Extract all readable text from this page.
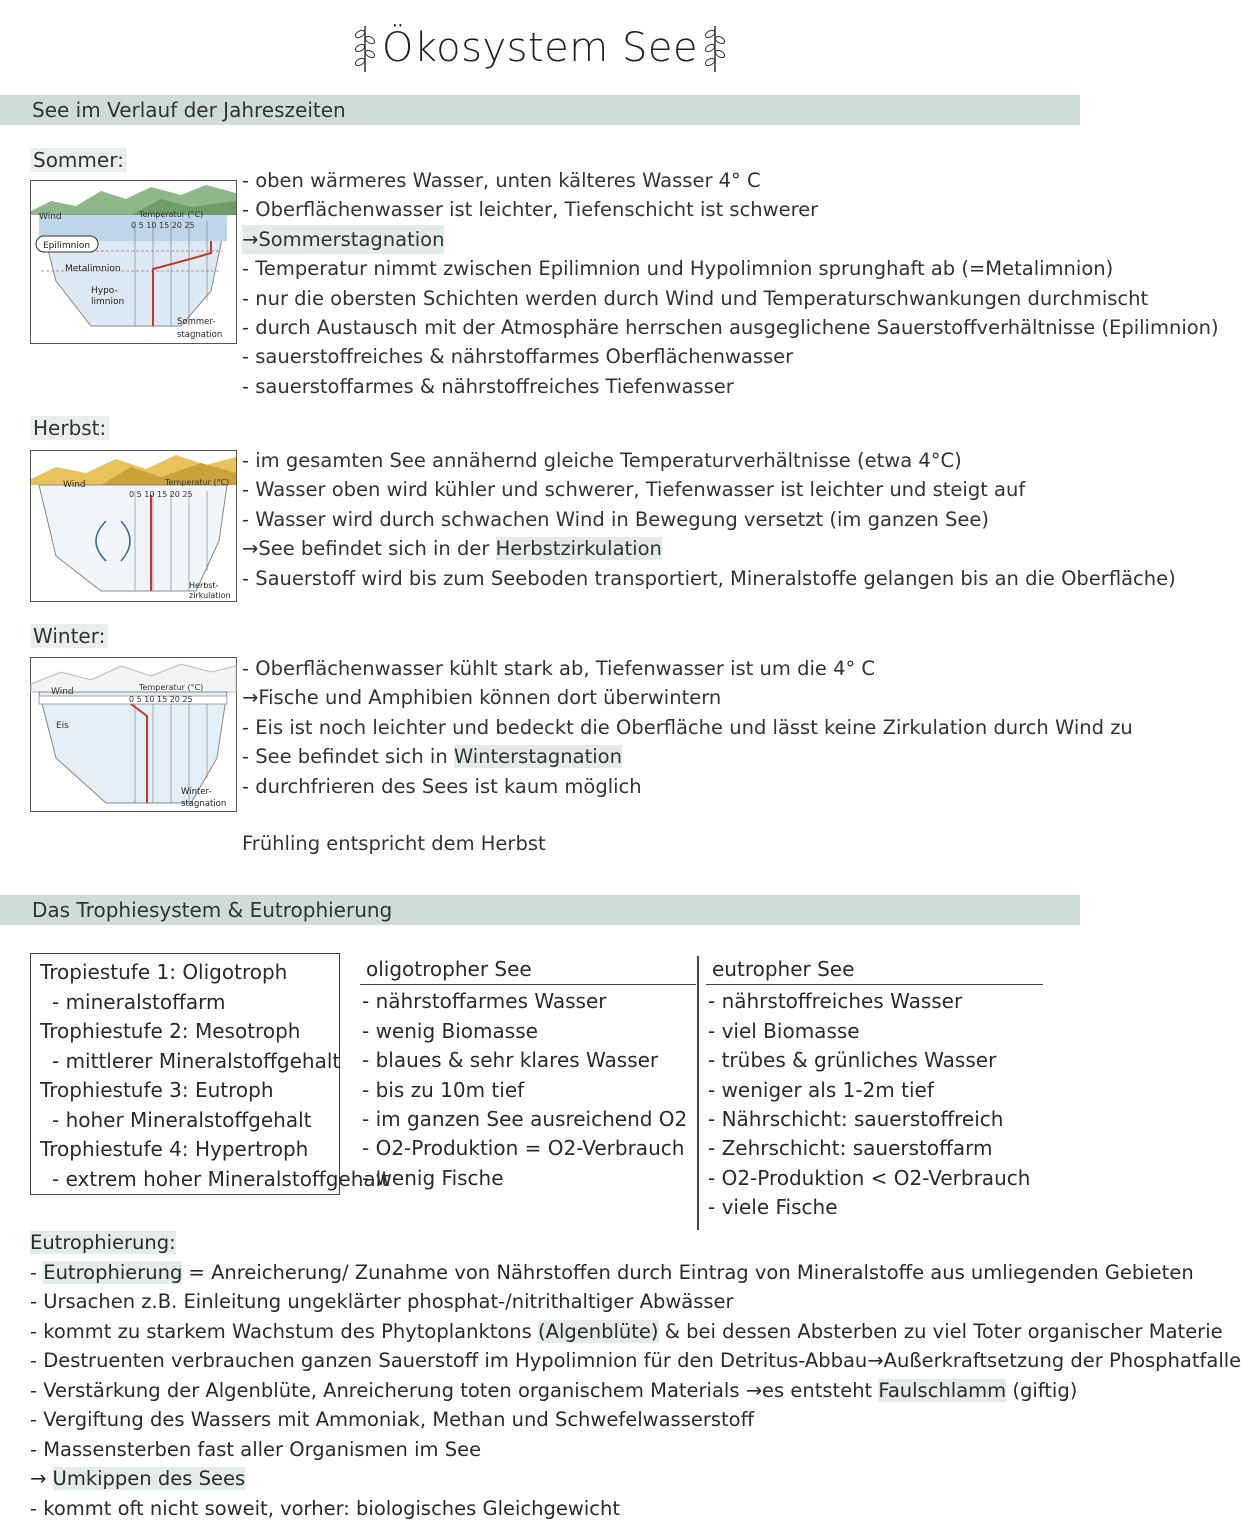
Ökosystem See
See im Verlauf der Jahreszeiten
Sommer:
Wind	Temperatur (°C)
0 5 10 15 20 25
Epilimnion
Metalimnion
Hypo-
limnion
Sommer-
stagnation
- oben wärmeres Wasser, unten kälteres Wasser 4° C
- Oberflächenwasser ist leichter, Tiefenschicht ist schwerer
→Sommerstagnation
- Temperatur nimmt zwischen Epilimnion und Hypolimnion sprunghaft ab (=Metalimnion)
- nur die obersten Schichten werden durch Wind und Temperaturschwankungen durchmischt
- durch Austausch mit der Atmosphäre herrschen ausgeglichene Sauerstoffverhältnisse (Epilimnion)
- sauerstoffreiches & nährstoffarmes Oberflächenwasser
- sauerstoffarmes & nährstoffreiches Tiefenwasser
Herbst:
Wind	Temperatur (°C)
0 5 10 15 20 25
Herbst-
zirkulation
- im gesamten See annähernd gleiche Temperaturverhältnisse (etwa 4°C)
- Wasser oben wird kühler und schwerer, Tiefenwasser ist leichter und steigt auf
- Wasser wird durch schwachen Wind in Bewegung versetzt (im ganzen See)
→See befindet sich in der Herbstzirkulation
- Sauerstoff wird bis zum Seeboden transportiert, Mineralstoffe gelangen bis an die Oberfläche)
Winter:
Wind
Eis
Temperatur (°C)
0 5 10 15 20 25
Winter-
stagnation
- Oberflächenwasser kühlt stark ab, Tiefenwasser ist um die 4° C
→Fische und Amphibien können dort überwintern
- Eis ist noch leichter und bedeckt die Oberfläche und lässt keine Zirkulation durch Wind zu
- See befindet sich in Winterstagnation
- durchfrieren des Sees ist kaum möglich
Frühling entspricht dem Herbst
Das Trophiesystem & Eutrophierung
Tropiestufe 1: Oligotroph
- mineralstoffarm
Trophiestufe 2: Mesotroph
- mittlerer Mineralstoffgehalt
Trophiestufe 3: Eutroph
- hoher Mineralstoffgehalt
Trophiestufe 4: Hypertroph
- extrem hoher Mineralstoffgehalt
oligotropher See
- nährstoffarmes Wasser
- wenig Biomasse
- blaues & sehr klares Wasser
- bis zu 10m tief
- im ganzen See ausreichend O2
- O2-Produktion = O2-Verbrauch
- wenig Fische
eutropher See
- nährstoffreiches Wasser
- viel Biomasse
- trübes & grünliches Wasser
- weniger als 1-2m tief
- Nährschicht: sauerstoffreich
- Zehrschicht: sauerstoffarm
- O2-Produktion < O2-Verbrauch
- viele Fische
Eutrophierung:
- Eutrophierung = Anreicherung/ Zunahme von Nährstoffen durch Eintrag von Mineralstoffe aus umliegenden Gebieten
- Ursachen z.B. Einleitung ungeklärter phosphat-/nitrithaltiger Abwässer
- kommt zu starkem Wachstum des Phytoplanktons (Algenblüte) & bei dessen Absterben zu viel Toter organischer Materie
- Destruenten verbrauchen ganzen Sauerstoff im Hypolimnion für den Detritus-Abbau→Außerkraftsetzung der Phosphatfalle
- Verstärkung der Algenblüte, Anreicherung toten organischem Materials →es entsteht Faulschlamm (giftig)
- Vergiftung des Wassers mit Ammoniak, Methan und Schwefelwasserstoff
- Massensterben fast aller Organismen im See
→ Umkippen des Sees
- kommt oft nicht soweit, vorher: biologisches Gleichgewicht
